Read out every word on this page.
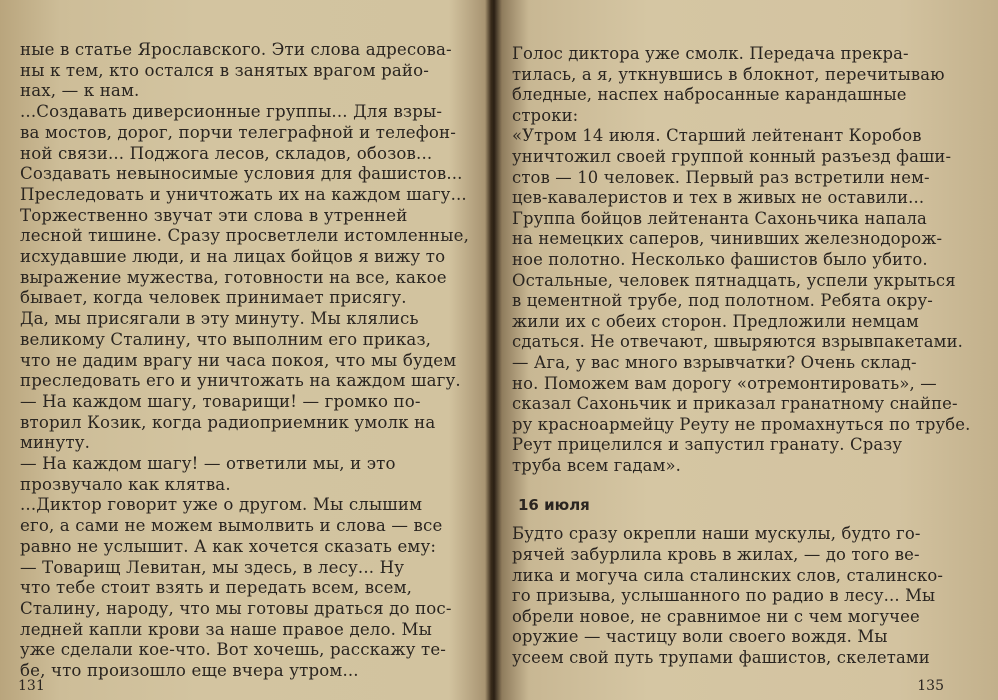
ные в статье Ярославского. Эти слова адресова-
ны к тем, кто остался в занятых врагом райо-
нах, — к нам.
...Создавать диверсионные группы... Для взры-
ва мостов, дорог, порчи телеграфной и телефон-
ной связи... Поджога лесов, складов, обозов...
Создавать невыносимые условия для фашистов...
Преследовать и уничтожать их на каждом шагу...
Торжественно звучат эти слова в утренней
лесной тишине. Сразу просветлели истомленные,
исхудавшие люди, и на лицах бойцов я вижу то
выражение мужества, готовности на все, какое
бывает, когда человек принимает присягу.
Да, мы присягали в эту минуту. Мы клялись
великому Сталину, что выполним его приказ,
что не дадим врагу ни часа покоя, что мы будем
преследовать его и уничтожать на каждом шагу.
— На каждом шагу, товарищи! — громко по-
вторил Козик, когда радиоприемник умолк на
минуту.
— На каждом шагу! — ответили мы, и это
прозвучало как клятва.
...Диктор говорит уже о другом. Мы слышим
его, а сами не можем вымолвить и слова — все
равно не услышит. А как хочется сказать ему:
— Товарищ Левитан, мы здесь, в лесу... Ну
что тебе стоит взять и передать всем, всем,
Сталину, народу, что мы готовы драться до пос-
ледней капли крови за наше правое дело. Мы
уже сделали кое-что. Вот хочешь, расскажу те-
бе, что произошло еще вчера утром...
131
Голос диктора уже смолк. Передача прекра-
тилась, а я, уткнувшись в блокнот, перечитываю
бледные, наспех набросанные карандашные
строки:
«Утром 14 июля. Старший лейтенант Коробов
уничтожил своей группой конный разъезд фаши-
стов — 10 человек. Первый раз встретили нем-
цев-кавалеристов и тех в живых не оставили...
Группа бойцов лейтенанта Сахоньчика напала
на немецких саперов, чинивших железнодорож-
ное полотно. Несколько фашистов было убито.
Остальные, человек пятнадцать, успели укрыться
в цементной трубе, под полотном. Ребята окру-
жили их с обеих сторон. Предложили немцам
сдаться. Не отвечают, швыряются взрывпакетами.
— Ага, у вас много взрывчатки? Очень склад-
но. Поможем вам дорогу «отремонтировать», —
сказал Сахоньчик и приказал гранатному снайпе-
ру красноармейцу Реуту не промахнуться по трубе.
Реут прицелился и запустил гранату. Сразу
труба всем гадам».
16 июля
Будто сразу окрепли наши мускулы, будто го-
рячей забурлила кровь в жилах, — до того ве-
лика и могуча сила сталинских слов, сталинско-
го призыва, услышанного по радио в лесу... Мы
обрели новое, не сравнимое ни с чем могучее
оружие — частицу воли своего вождя. Мы
усеем свой путь трупами фашистов, скелетами
135
